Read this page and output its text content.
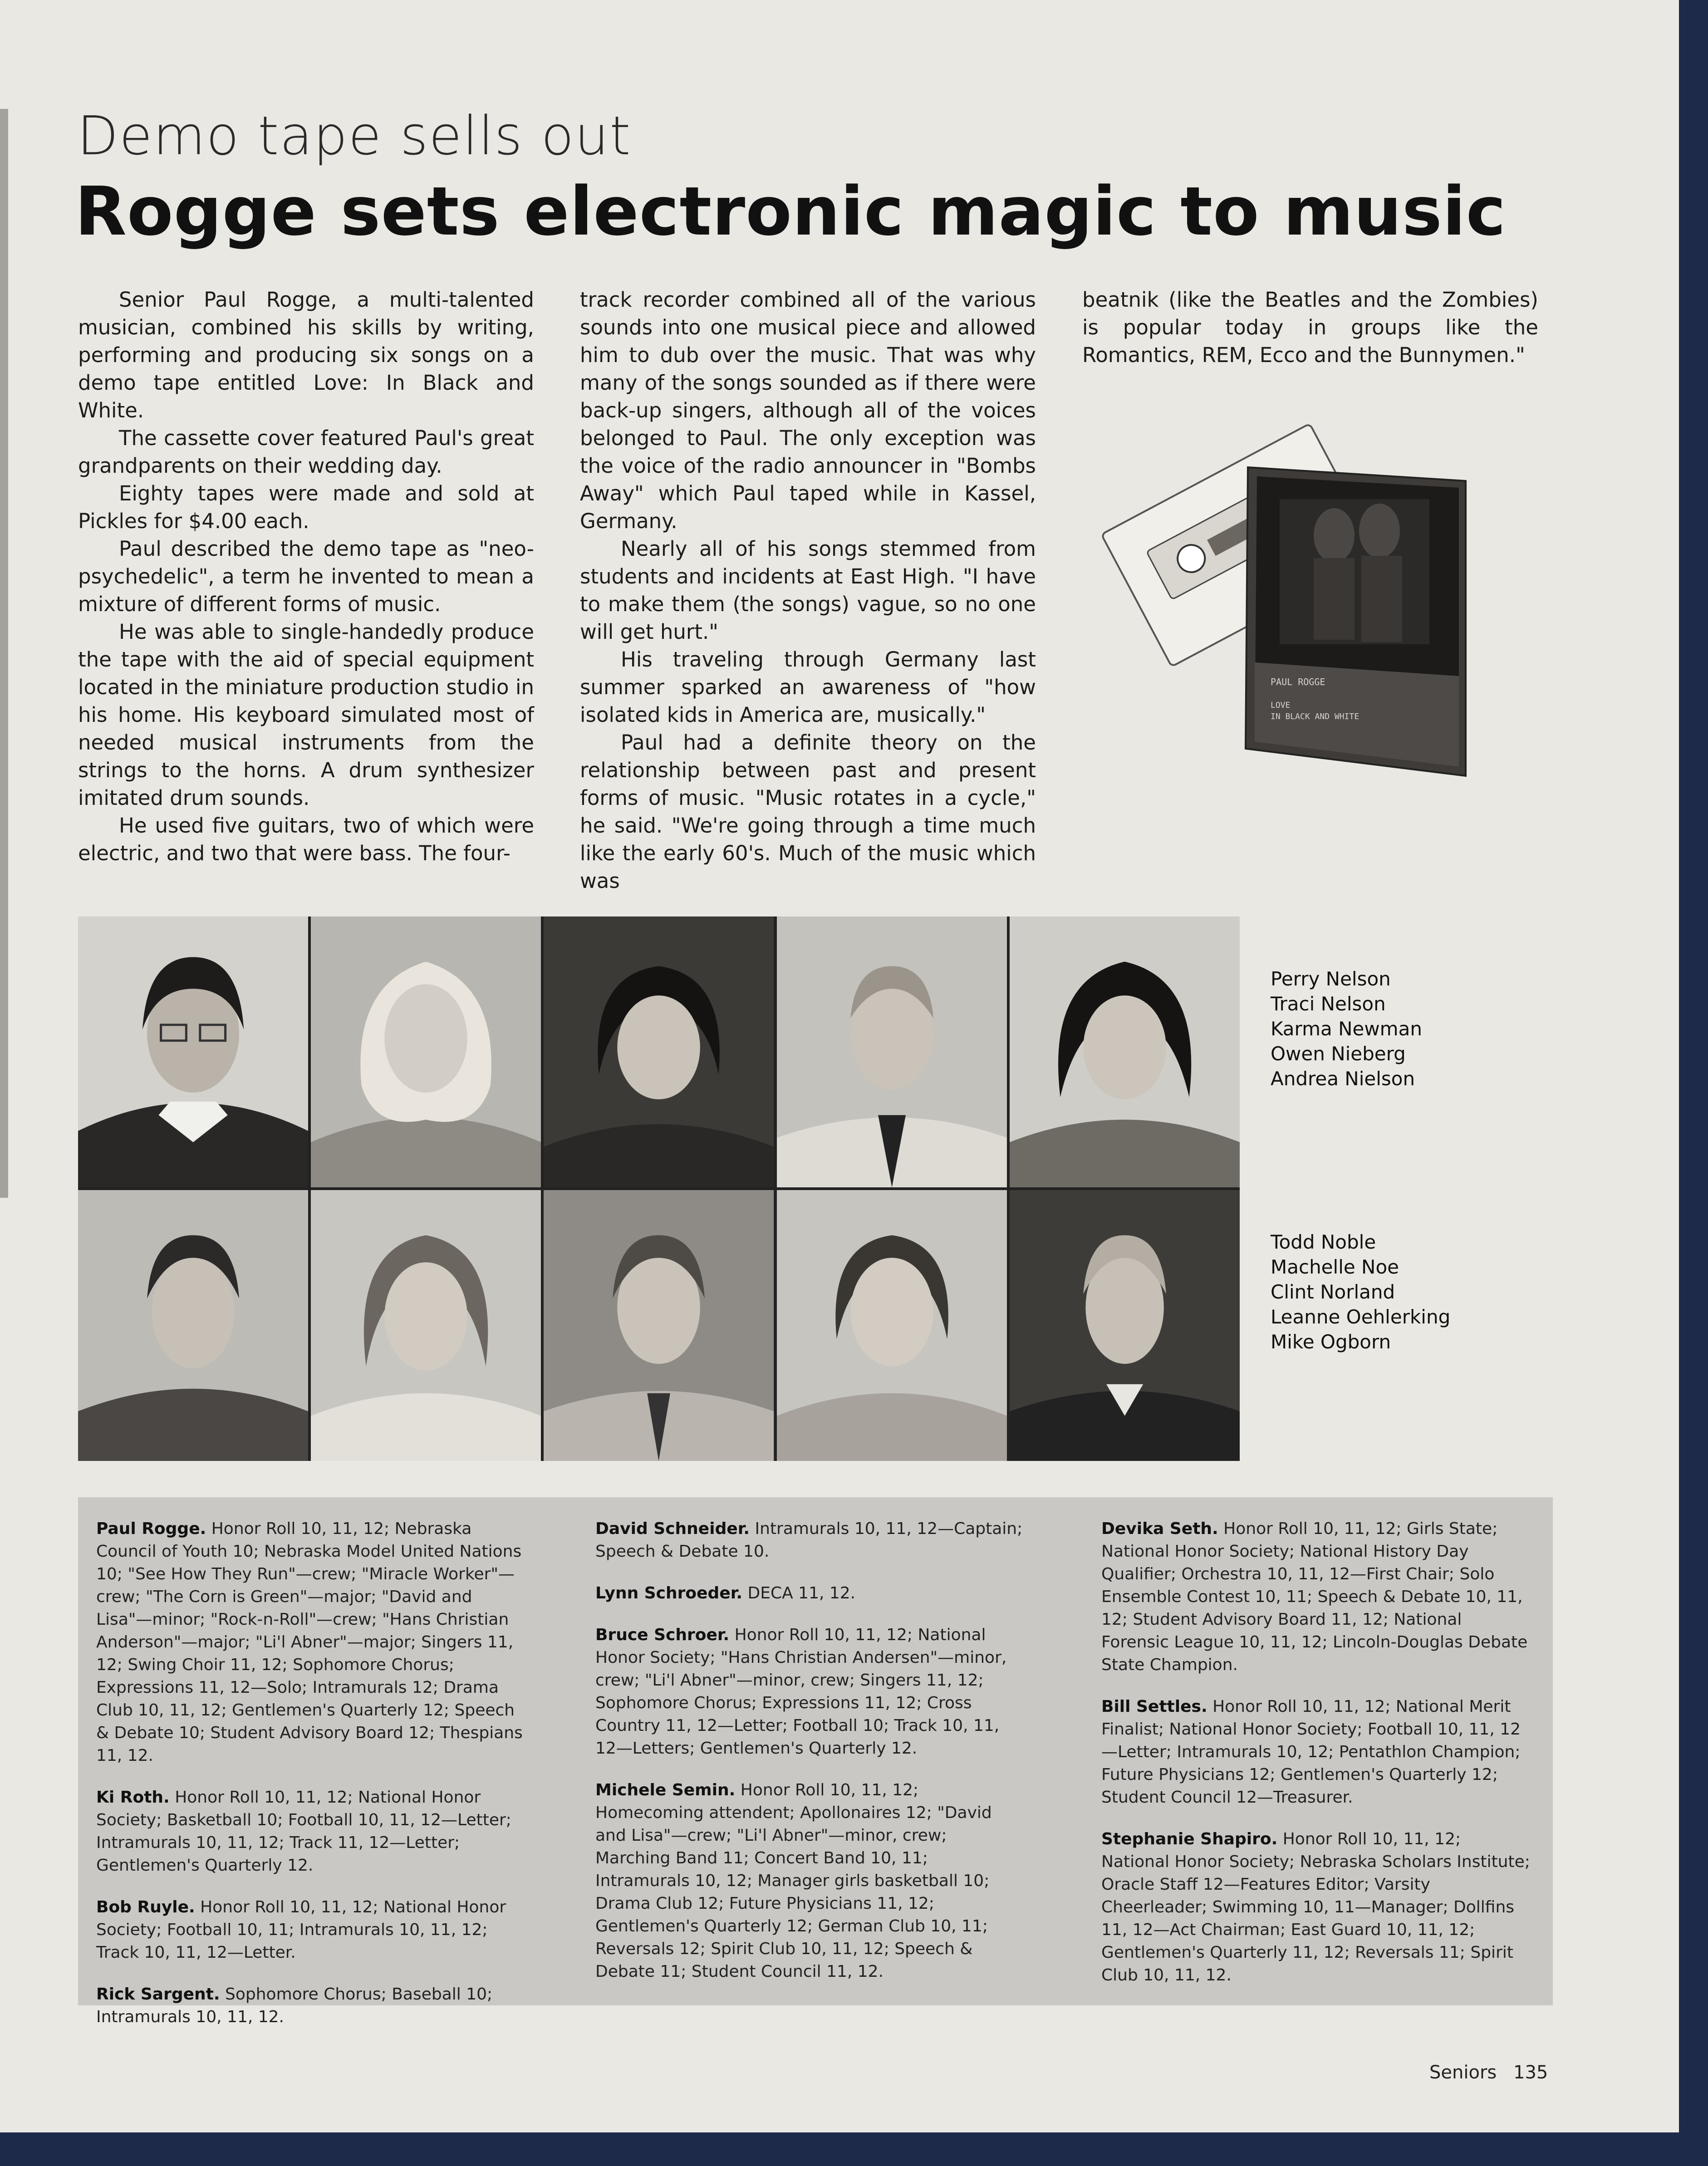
Demo tape sells out
Rogge sets electronic magic to music

Senior Paul Rogge, a multi-talented musician, combined his skills by writing, performing and producing six songs on a demo tape entitled Love: In Black and White.

The cassette cover featured Paul's great grandparents on their wedding day.

Eighty tapes were made and sold at Pickles for $4.00 each.

Paul described the demo tape as "neo-psychedelic", a term he invented to mean a mixture of different forms of music.

He was able to single-handedly produce the tape with the aid of special equipment located in the miniature production studio in his home. His keyboard simulated most of needed musical instruments from the strings to the horns. A drum synthesizer imitated drum sounds.

He used five guitars, two of which were electric, and two that were bass. The four-

track recorder combined all of the various sounds into one musical piece and allowed him to dub over the music. That was why many of the songs sounded as if there were back-up singers, although all of the voices belonged to Paul. The only exception was the voice of the radio announcer in "Bombs Away" which Paul taped while in Kassel, Germany.

Nearly all of his songs stemmed from students and incidents at East High. "I have to make them (the songs) vague, so no one will get hurt."

His traveling through Germany last summer sparked an awareness of "how isolated kids in America are, musically."

Paul had a definite theory on the relationship between past and present forms of music. "Music rotates in a cycle," he said. "We're going through a time much like the early 60's. Much of the music which was

beatnik (like the Beatles and the Zombies) is popular today in groups like the Romantics, REM, Ecco and the Bunnymen."

PAUL ROGGE
LOVE
IN BLACK AND WHITE
Perry Nelson
Traci Nelson
Karma Newman
Owen Nieberg
Andrea Nielson
Todd Noble
Machelle Noe
Clint Norland
Leanne Oehlerking
Mike Ogborn

Paul Rogge. Honor Roll 10, 11, 12; Nebraska Council of Youth 10; Nebraska Model United Nations 10; "See How They Run"—crew; "Miracle Worker"—crew; "The Corn is Green"—major; "David and Lisa"—minor; "Rock-n-Roll"—crew; "Hans Christian Anderson"—major; "Li'l Abner"—major; Singers 11, 12; Swing Choir 11, 12; Sophomore Chorus; Expressions 11, 12—Solo; Intramurals 12; Drama Club 10, 11, 12; Gentlemen's Quarterly 12; Speech & Debate 10; Student Advisory Board 12; Thespians 11, 12.

Ki Roth. Honor Roll 10, 11, 12; National Honor Society; Basketball 10; Football 10, 11, 12—Letter; Intramurals 10, 11, 12; Track 11, 12—Letter; Gentlemen's Quarterly 12.

Bob Ruyle. Honor Roll 10, 11, 12; National Honor Society; Football 10, 11; Intramurals 10, 11, 12; Track 10, 11, 12—Letter.

Rick Sargent. Sophomore Chorus; Baseball 10; Intramurals 10, 11, 12.

David Schneider. Intramurals 10, 11, 12—Captain; Speech & Debate 10.

Lynn Schroeder. DECA 11, 12.

Bruce Schroer. Honor Roll 10, 11, 12; National Honor Society; "Hans Christian Andersen"—minor, crew; "Li'l Abner"—minor, crew; Singers 11, 12; Sophomore Chorus; Expressions 11, 12; Cross Country 11, 12—Letter; Football 10; Track 10, 11, 12—Letters; Gentlemen's Quarterly 12.

Michele Semin. Honor Roll 10, 11, 12; Homecoming attendent; Apollonaires 12; "David and Lisa"—crew; "Li'l Abner"—minor, crew; Marching Band 11; Concert Band 10, 11; Intramurals 10, 12; Manager girls basketball 10; Drama Club 12; Future Physicians 11, 12; Gentlemen's Quarterly 12; German Club 10, 11; Reversals 12; Spirit Club 10, 11, 12; Speech & Debate 11; Student Council 11, 12.

Devika Seth. Honor Roll 10, 11, 12; Girls State; National Honor Society; National History Day Qualifier; Orchestra 10, 11, 12—First Chair; Solo Ensemble Contest 10, 11; Speech & Debate 10, 11, 12; Student Advisory Board 11, 12; National Forensic League 10, 11, 12; Lincoln-Douglas Debate State Champion.

Bill Settles. Honor Roll 10, 11, 12; National Merit Finalist; National Honor Society; Football 10, 11, 12—Letter; Intramurals 10, 12; Pentathlon Champion; Future Physicians 12; Gentlemen's Quarterly 12; Student Council 12—Treasurer.

Stephanie Shapiro. Honor Roll 10, 11, 12; National Honor Society; Nebraska Scholars Institute; Oracle Staff 12—Features Editor; Varsity Cheerleader; Swimming 10, 11—Manager; Dollfins 11, 12—Act Chairman; East Guard 10, 11, 12; Gentlemen's Quarterly 11, 12; Reversals 11; Spirit Club 10, 11, 12.

Seniors 135
